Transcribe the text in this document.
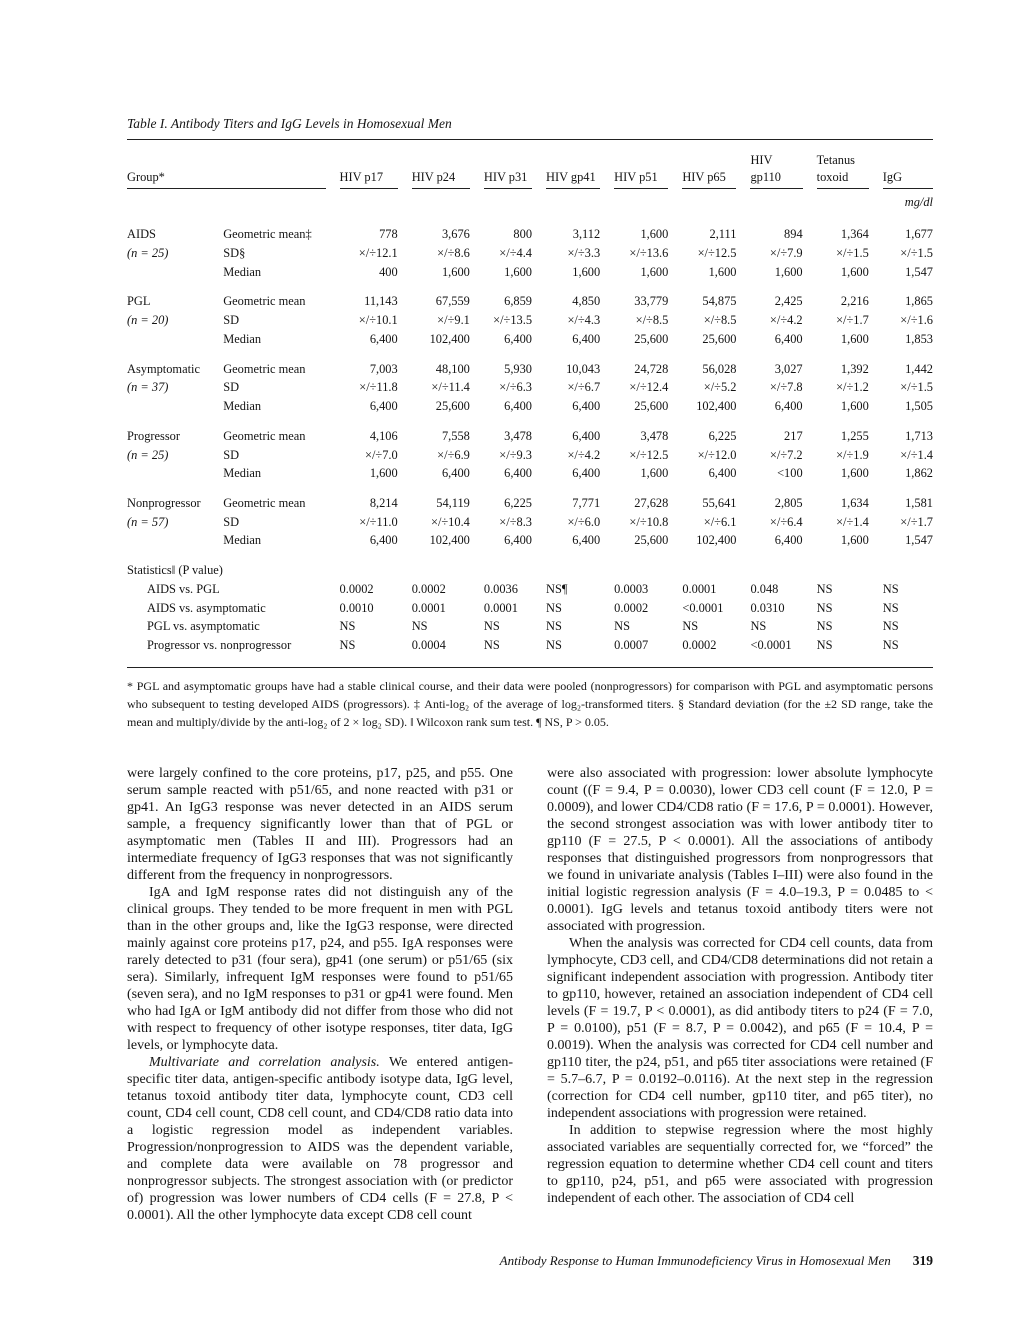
Table I. Antibody Titers and IgG Levels in Homosexual Men

Group*		HIV p17	HIV p24	HIV p31	HIV gp41	HIV p51	HIV p65	HIV gp110	Tetanus toxoid	IgG

										mg/dl
AIDS	Geometric mean‡	778	3,676	800	3,112	1,600	2,111	894	1,364	1,677
(n = 25)	SD§	×/÷12.1	×/÷8.6	×/÷4.4	×/÷3.3	×/÷13.6	×/÷12.5	×/÷7.9	×/÷1.5	×/÷1.5
	Median	400	1,600	1,600	1,600	1,600	1,600	1,600	1,600	1,547
PGL	Geometric mean	11,143	67,559	6,859	4,850	33,779	54,875	2,425	2,216	1,865
(n = 20)	SD	×/÷10.1	×/÷9.1	×/÷13.5	×/÷4.3	×/÷8.5	×/÷8.5	×/÷4.2	×/÷1.7	×/÷1.6
	Median	6,400	102,400	6,400	6,400	25,600	25,600	6,400	1,600	1,853
Asymptomatic	Geometric mean	7,003	48,100	5,930	10,043	24,728	56,028	3,027	1,392	1,442
(n = 37)	SD	×/÷11.8	×/÷11.4	×/÷6.3	×/÷6.7	×/÷12.4	×/÷5.2	×/÷7.8	×/÷1.2	×/÷1.5
	Median	6,400	25,600	6,400	6,400	25,600	102,400	6,400	1,600	1,505
Progressor	Geometric mean	4,106	7,558	3,478	6,400	3,478	6,225	217	1,255	1,713
(n = 25)	SD	×/÷7.0	×/÷6.9	×/÷9.3	×/÷4.2	×/÷12.5	×/÷12.0	×/÷7.2	×/÷1.9	×/÷1.4
	Median	1,600	6,400	6,400	6,400	1,600	6,400	<100	1,600	1,862
Nonprogressor	Geometric mean	8,214	54,119	6,225	7,771	27,628	55,641	2,805	1,634	1,581
(n = 57)	SD	×/÷11.0	×/÷10.4	×/÷8.3	×/÷6.0	×/÷10.8	×/÷6.1	×/÷6.4	×/÷1.4	×/÷1.7
	Median	6,400	102,400	6,400	6,400	25,600	102,400	6,400	1,600	1,547
Statistics‖ (P value)										
AIDS vs. PGL		0.0002	0.0002	0.0036	NS¶	0.0003	0.0001	0.048	NS	NS
AIDS vs. asymptomatic		0.0010	0.0001	0.0001	NS	0.0002	<0.0001	0.0310	NS	NS
PGL vs. asymptomatic		NS	NS	NS	NS	NS	NS	NS	NS	NS
Progressor vs. nonprogressor		NS	0.0004	NS	NS	0.0007	0.0002	<0.0001	NS	NS

* PGL and asymptomatic groups have had a stable clinical course, and their data were pooled (nonprogressors) for comparison with PGL and asymptomatic persons who subsequent to testing developed AIDS (progressors). ‡ Anti-log₂ of the average of log₂-transformed titers. § Standard deviation (for the ±2 SD range, take the mean and multiply/divide by the anti-log₂ of 2 × log₂ SD). ‖ Wilcoxon rank sum test. ¶ NS, P > 0.05.

were largely confined to the core proteins, p17, p25, and p55. One serum sample reacted with p51/65, and none reacted with p31 or gp41. An IgG3 response was never detected in an AIDS serum sample, a frequency significantly lower than that of PGL or asymptomatic men (Tables II and III). Progressors had an intermediate frequency of IgG3 responses that was not significantly different from the frequency in nonprogressors.

IgA and IgM response rates did not distinguish any of the clinical groups. They tended to be more frequent in men with PGL than in the other groups and, like the IgG3 response, were directed mainly against core proteins p17, p24, and p55. IgA responses were rarely detected to p31 (four sera), gp41 (one serum) or p51/65 (six sera). Similarly, infrequent IgM responses were found to p51/65 (seven sera), and no IgM responses to p31 or gp41 were found. Men who had IgA or IgM antibody did not differ from those who did not with respect to frequency of other isotype responses, titer data, IgG levels, or lymphocyte data.

Multivariate and correlation analysis. We entered antigen-specific titer data, antigen-specific antibody isotype data, IgG level, tetanus toxoid antibody titer data, lymphocyte count, CD3 cell count, CD4 cell count, CD8 cell count, and CD4/CD8 ratio data into a logistic regression model as independent variables. Progression/nonprogression to AIDS was the dependent variable, and complete data were available on 78 progressor and nonprogressor subjects. The strongest association with (or predictor of) progression was lower numbers of CD4 cells (F = 27.8, P < 0.0001). All the other lymphocyte data except CD8 cell count

were also associated with progression: lower absolute lymphocyte count ((F = 9.4, P = 0.0030), lower CD3 cell count (F = 12.0, P = 0.0009), and lower CD4/CD8 ratio (F = 17.6, P = 0.0001). However, the second strongest association was with lower antibody titer to gp110 (F = 27.5, P < 0.0001). All the associations of antibody responses that distinguished progressors from nonprogressors that we found in univariate analysis (Tables I–III) were also found in the initial logistic regression analysis (F = 4.0–19.3, P = 0.0485 to < 0.0001). IgG levels and tetanus toxoid antibody titers were not associated with progression.

When the analysis was corrected for CD4 cell counts, data from lymphocyte, CD3 cell, and CD4/CD8 determinations did not retain a significant independent association with progression. Antibody titer to gp110, however, retained an association independent of CD4 cell levels (F = 19.7, P < 0.0001), as did antibody titers to p24 (F = 7.0, P = 0.0100), p51 (F = 8.7, P = 0.0042), and p65 (F = 10.4, P = 0.0019). When the analysis was corrected for CD4 cell number and gp110 titer, the p24, p51, and p65 titer associations were retained (F = 5.7–6.7, P = 0.0192–0.0116). At the next step in the regression (correction for CD4 cell number, gp110 titer, and p65 titer), no independent associations with progression were retained.

In addition to stepwise regression where the most highly associated variables are sequentially corrected for, we “forced” the regression equation to determine whether CD4 cell count and titers to gp110, p24, p51, and p65 were associated with progression independent of each other. The association of CD4 cell

Antibody Response to Human Immunodeficiency Virus in Homosexual Men 319
